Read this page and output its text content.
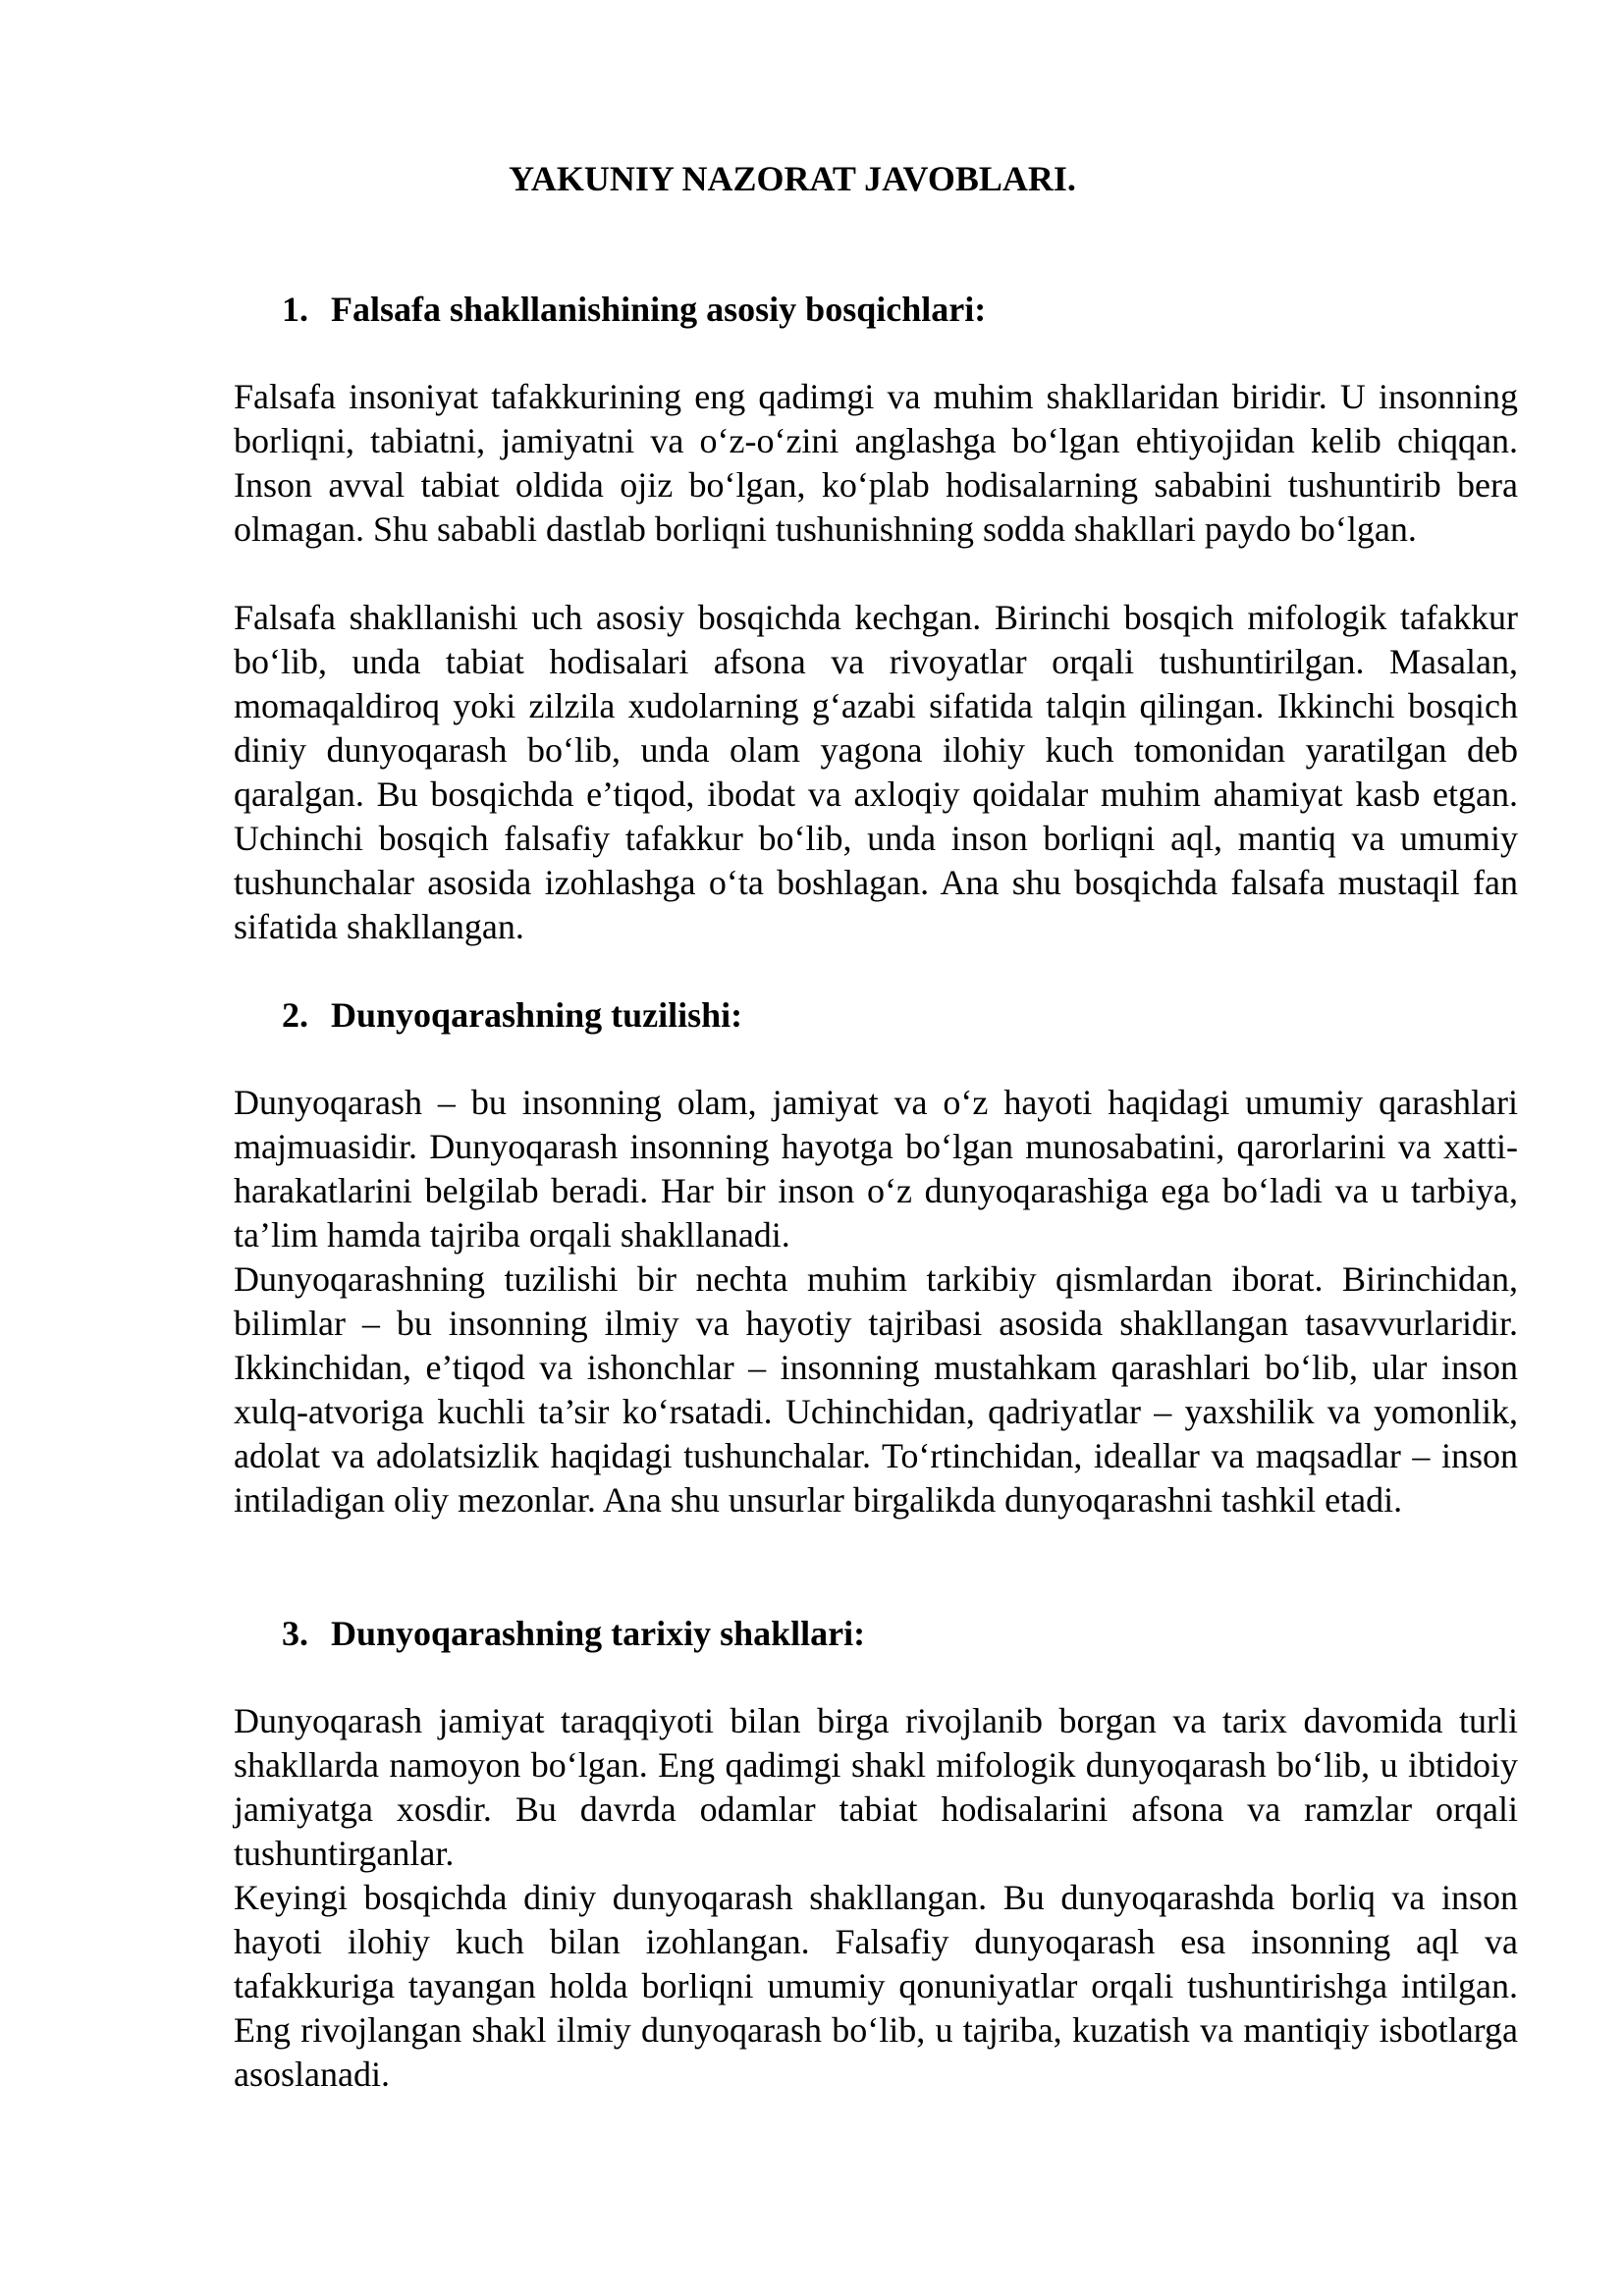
YAKUNIY NAZORAT JAVOBLARI.
1. Falsafa shakllanishining asosiy bosqichlari:

Falsafa insoniyat tafakkurining eng qadimgi va muhim shakllaridan biridir. U insonning borliqni, tabiatni, jamiyatni va o‘z-o‘zini anglashga bo‘lgan ehtiyojidan kelib chiqqan. Inson avval tabiat oldida ojiz bo‘lgan, ko‘plab hodisalarning sababini tushuntirib bera olmagan. Shu sababli dastlab borliqni tushunishning sodda shakllari paydo bo‘lgan.

Falsafa shakllanishi uch asosiy bosqichda kechgan. Birinchi bosqich mifologik tafakkur bo‘lib, unda tabiat hodisalari afsona va rivoyatlar orqali tushuntirilgan. Masalan, momaqaldiroq yoki zilzila xudolarning g‘azabi sifatida talqin qilingan. Ikkinchi bosqich diniy dunyoqarash bo‘lib, unda olam yagona ilohiy kuch tomonidan yaratilgan deb qaralgan. Bu bosqichda e’tiqod, ibodat va axloqiy qoidalar muhim ahamiyat kasb etgan. Uchinchi bosqich falsafiy tafakkur bo‘lib, unda inson borliqni aql, mantiq va umumiy tushunchalar asosida izohlashga o‘ta boshlagan. Ana shu bosqichda falsafa mustaqil fan sifatida shakllangan.

2. Dunyoqarashning tuzilishi:

Dunyoqarash – bu insonning olam, jamiyat va o‘z hayoti haqidagi umumiy qarashlari majmuasidir. Dunyoqarash insonning hayotga bo‘lgan munosabatini, qarorlarini va xatti-harakatlarini belgilab beradi. Har bir inson o‘z dunyoqarashiga ega bo‘ladi va u tarbiya, ta’lim hamda tajriba orqali shakllanadi.

Dunyoqarashning tuzilishi bir nechta muhim tarkibiy qismlardan iborat. Birinchidan, bilimlar – bu insonning ilmiy va hayotiy tajribasi asosida shakllangan tasavvurlaridir. Ikkinchidan, e’tiqod va ishonchlar – insonning mustahkam qarashlari bo‘lib, ular inson xulq-atvoriga kuchli ta’sir ko‘rsatadi. Uchinchidan, qadriyatlar – yaxshilik va yomonlik, adolat va adolatsizlik haqidagi tushunchalar. To‘rtinchidan, ideallar va maqsadlar – inson intiladigan oliy mezonlar. Ana shu unsurlar birgalikda dunyoqarashni tashkil etadi.

3. Dunyoqarashning tarixiy shakllari:

Dunyoqarash jamiyat taraqqiyoti bilan birga rivojlanib borgan va tarix davomida turli shakllarda namoyon bo‘lgan. Eng qadimgi shakl mifologik dunyoqarash bo‘lib, u ibtidoiy jamiyatga xosdir. Bu davrda odamlar tabiat hodisalarini afsona va ramzlar orqali tushuntirganlar.

Keyingi bosqichda diniy dunyoqarash shakllangan. Bu dunyoqarashda borliq va inson hayoti ilohiy kuch bilan izohlangan. Falsafiy dunyoqarash esa insonning aql va tafakkuriga tayangan holda borliqni umumiy qonuniyatlar orqali tushuntirishga intilgan. Eng rivojlangan shakl ilmiy dunyoqarash bo‘lib, u tajriba, kuzatish va mantiqiy isbotlarga asoslanadi.
